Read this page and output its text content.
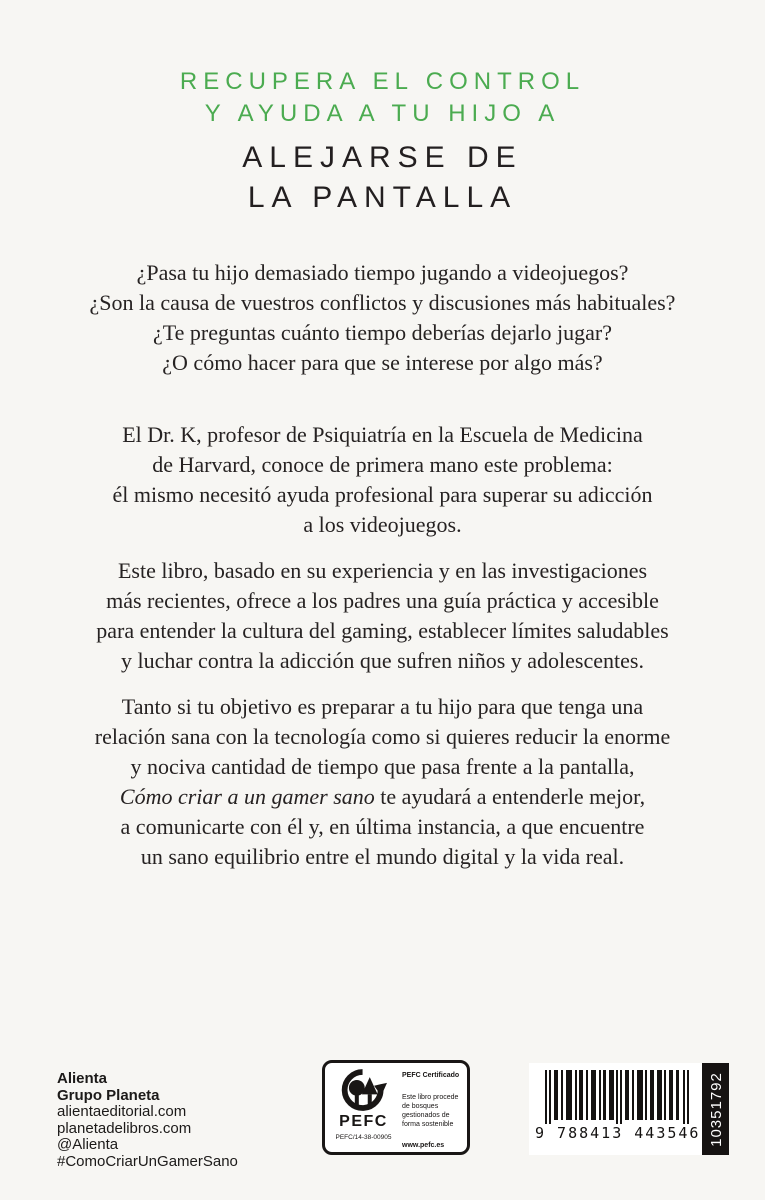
RECUPERA EL CONTROL
Y AYUDA A TU HIJO A
ALEJARSE DE
LA PANTALLA

¿Pasa tu hijo demasiado tiempo jugando a videojuegos?
¿Son la causa de vuestros conflictos y discusiones más habituales?
¿Te preguntas cuánto tiempo deberías dejarlo jugar?
¿O cómo hacer para que se interese por algo más?

El Dr. K, profesor de Psiquiatría en la Escuela de Medicina
de Harvard, conoce de primera mano este problema:
él mismo necesitó ayuda profesional para superar su adicción
a los videojuegos.

Este libro, basado en su experiencia y en las investigaciones
más recientes, ofrece a los padres una guía práctica y accesible
para entender la cultura del gaming, establecer límites saludables
y luchar contra la adicción que sufren niños y adolescentes.

Tanto si tu objetivo es preparar a tu hijo para que tenga una
relación sana con la tecnología como si quieres reducir la enorme
y nociva cantidad de tiempo que pasa frente a la pantalla,
Cómo criar a un gamer sano te ayudará a entenderle mejor,
a comunicarte con él y, en última instancia, a que encuentre
un sano equilibrio entre el mundo digital y la vida real.

Alienta
Grupo Planeta
alientaeditorial.com
planetadelibros.com
@Alienta
#ComoCriarUnGamerSano
PEFC
PEFC/14-38-00905
PEFC Certificado
Este libro procede de bosques gestionados de forma sostenible
www.pefc.es
9 788413 443546 10351792
